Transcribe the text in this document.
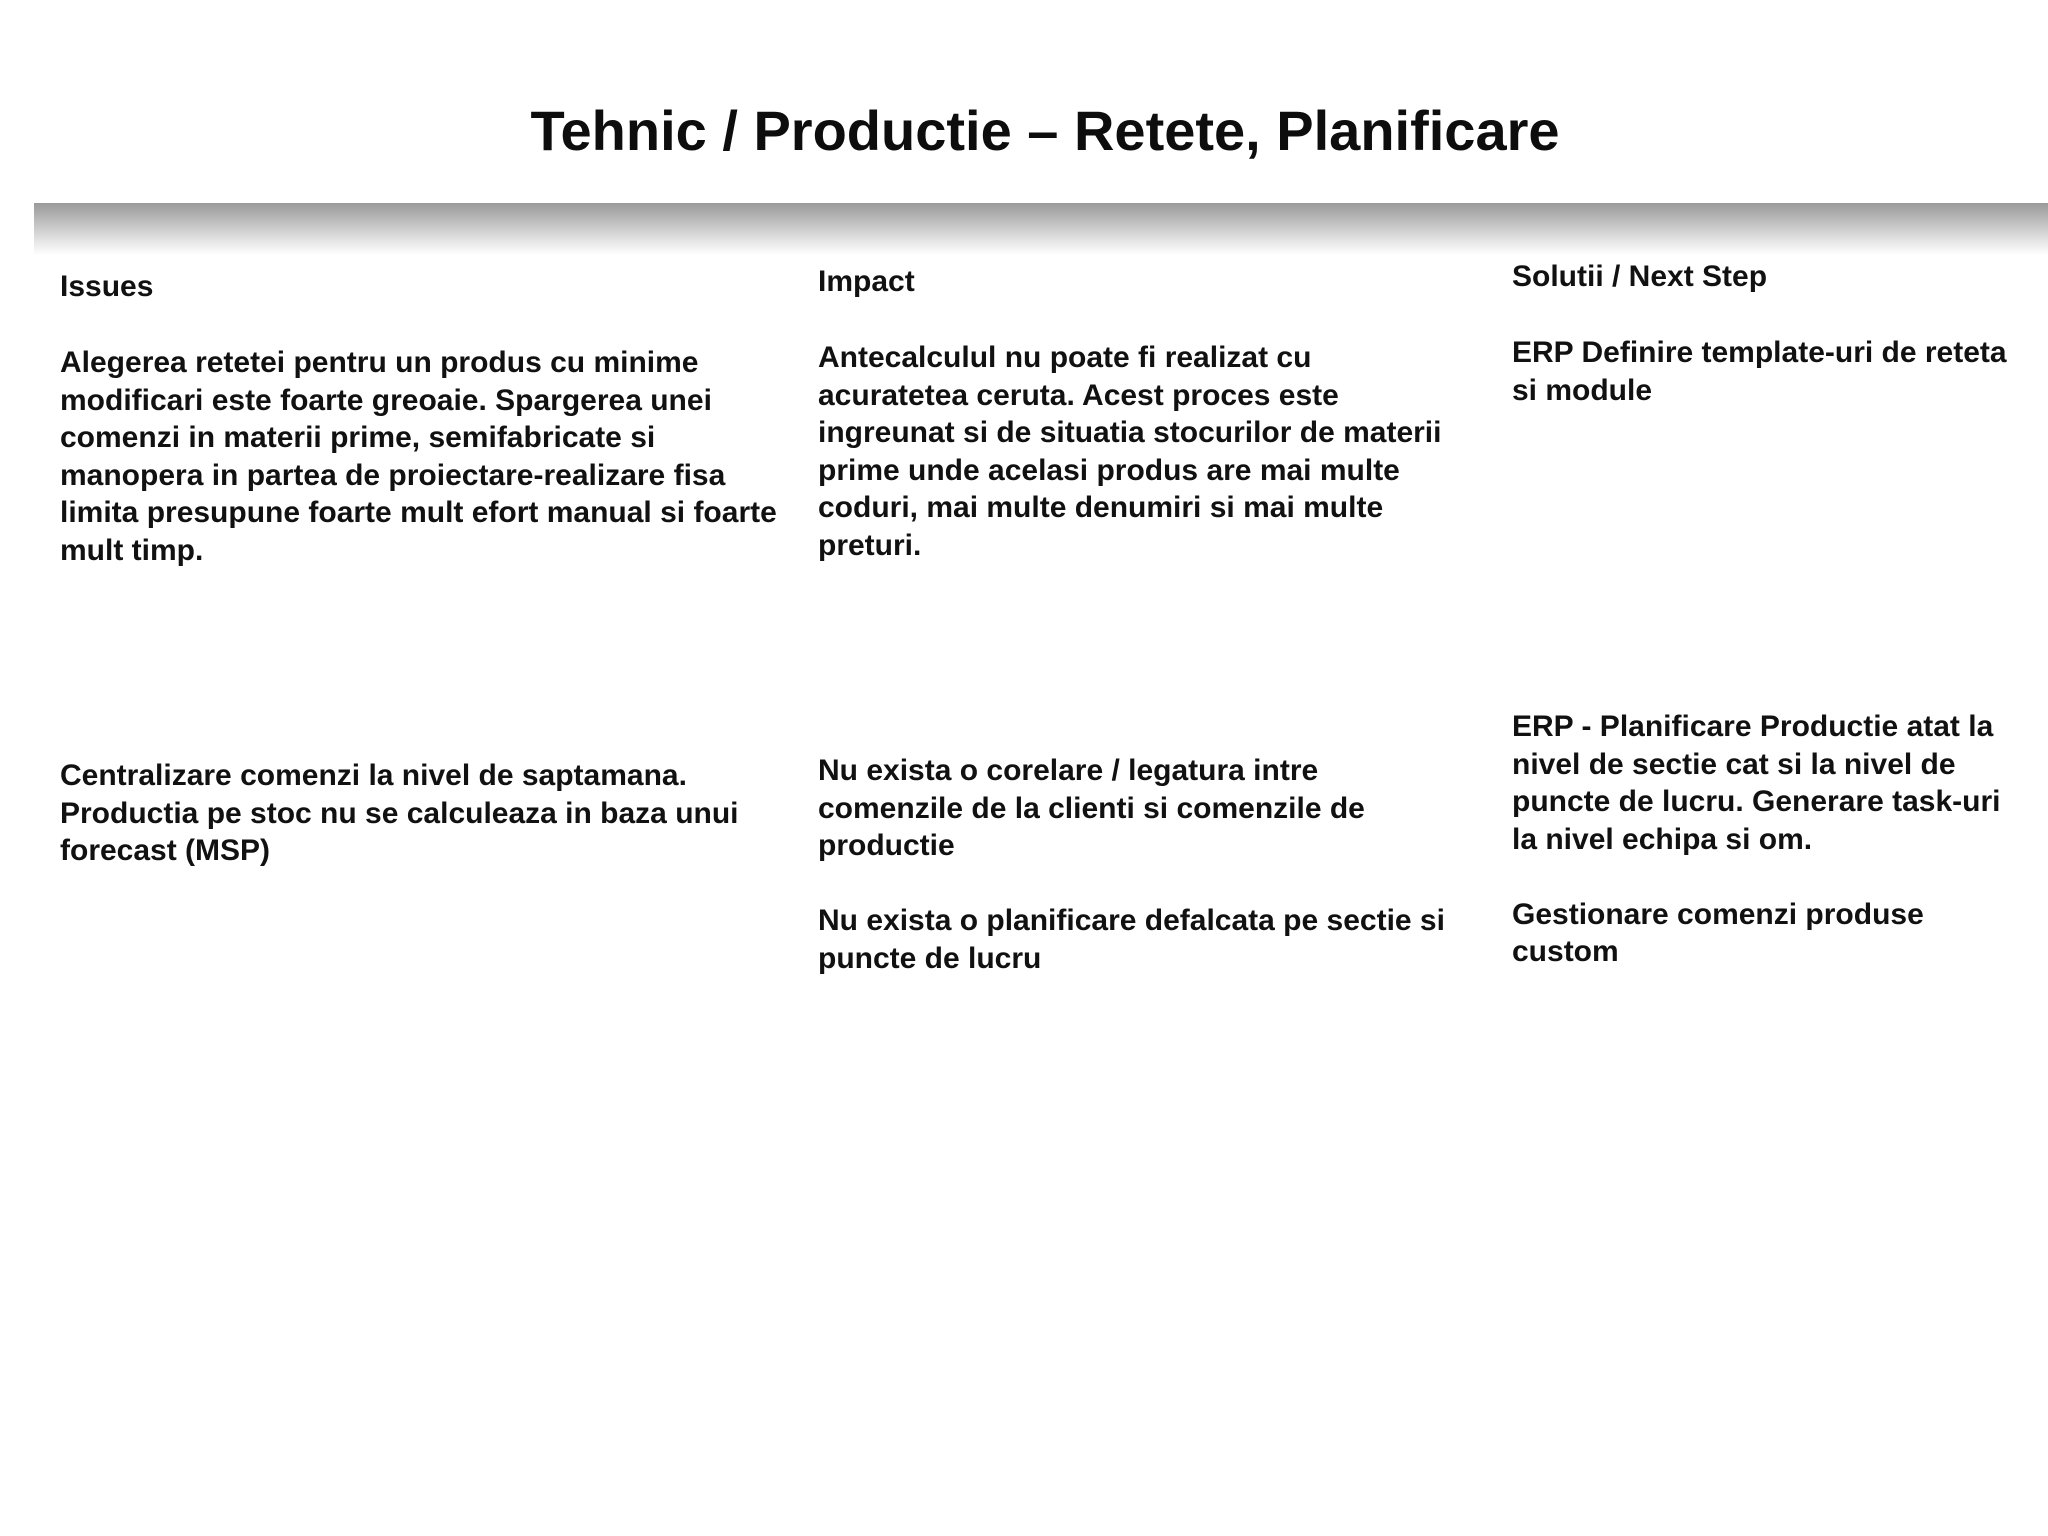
Tehnic / Productie – Retete, Planificare

Issues	Impact	Solutii / Next Step

Alegerea retetei pentru un produs cu minime modificari este foarte greoaie. Spargerea unei comenzi in materii prime, semifabricate si manopera in partea de proiectare-realizare fisa limita presupune foarte mult efort manual si foarte mult timp.

Antecalculul nu poate fi realizat cu acuratetea ceruta. Acest proces este ingreunat si de situatia stocurilor de materii prime unde acelasi produs are mai multe coduri, mai multe denumiri si mai multe preturi.

ERP Definire template-uri de reteta si module

Centralizare comenzi la nivel de saptamana. Productia pe stoc nu se calculeaza in baza unui forecast (MSP)

Nu exista o corelare / legatura intre comenzile de la clienti si comenzile de productie

Nu exista o planificare defalcata pe sectie si puncte de lucru

ERP - Planificare Productie atat la nivel de sectie cat si la nivel de puncte de lucru. Generare task-uri la nivel echipa si om.

Gestionare comenzi produse custom
